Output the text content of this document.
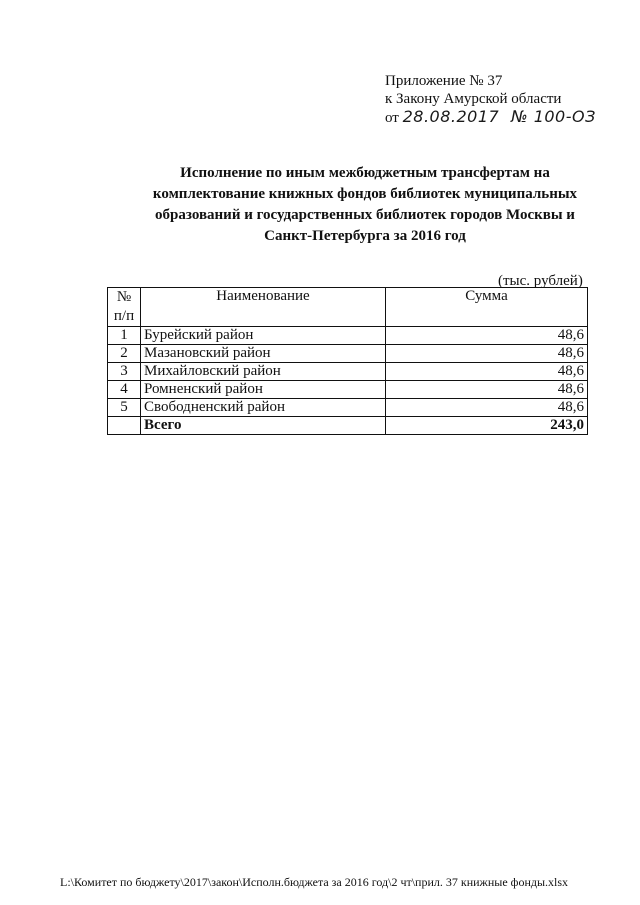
Приложение № 37
к Закону Амурской области
от 28.08.2017 № 100-ОЗ
Исполнение по иным межбюджетным трансфертам на комплектование книжных фондов библиотек муниципальных образований и государственных библиотек городов Москвы и Санкт-Петербурга за 2016 год
(тыс. рублей)
№ п/п	Наименование	Сумма
1	Бурейский район	48,6
2	Мазановский район	48,6
3	Михайловский район	48,6
4	Ромненский район	48,6
5	Свободненский район	48,6
	Всего	243,0
L:\Комитет по бюджету\2017\закон\Исполн.бюджета за 2016 год\2 чт\прил. 37 книжные фонды.xlsx
